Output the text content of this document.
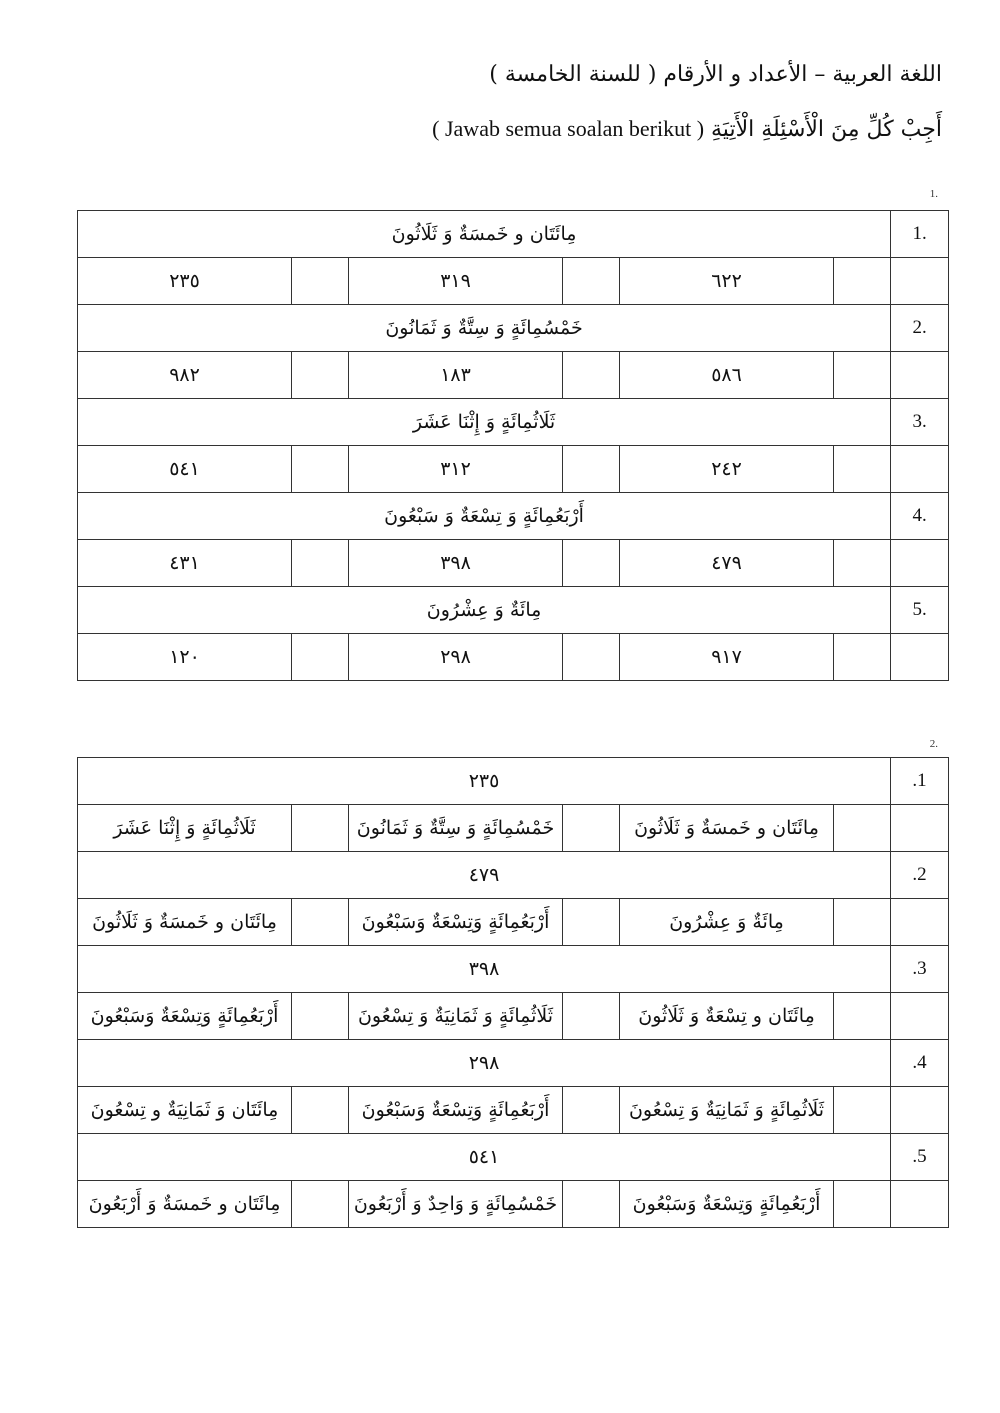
اللغة العربية – الأعداد و الأرقام ( للسنة الخامسة )
أَجِبْ كُلِّ مِنَ الْأَسْئِلَةِ الْأَتِيَةِ ( Jawab semua soalan berikut )
1.
مِائَتَان و خَمسَةٌ وَ ثَلَاثُونَ						1.
٢٣٥		٣١٩		٦٢٢		
خَمْسُمِائَةٍ وَ سِتَّةٌ وَ ثَمَانُونَ						2.
٩٨٢		١٨٣		٥٨٦		
ثَلَاثُمِائَةٍ وَ إِثْنَا عَشَرَ						3.
٥٤١		٣١٢		٢٤٢		
أَرْبَعُمِائَةٍ وَ تِسْعَةٌ وَ سَبْعُونَ						4.
٤٣١		٣٩٨		٤٧٩		
مِائَةٌ وَ عِشْرُونَ						5.
١٢٠		٢٩٨		٩١٧		
2.
٢٣٥						.1
ثَلَاثُمِائَةٍ وَ إِثْنَا عَشَرَ		خَمْسُمِائَةٍ وَ سِتَّةٌ وَ ثَمَانُونَ		مِائَتَان و خَمسَةٌ وَ ثَلَاثُونَ		
٤٧٩						.2
مِائَتَان و خَمسَةٌ وَ ثَلَاثُونَ		أَرْبَعُمِائَةٍ وَتِسْعَةٌ وَسَبْعُونَ		مِائَةٌ وَ عِشْرُونَ		
٣٩٨						.3
أَرْبَعُمِائَةٍ وَتِسْعَةٌ وَسَبْعُونَ		ثَلَاثُمِائَةٍ وَ ثَمَانِيَةٌ وَ تِسْعُونَ		مِائَتَان و تِسْعَةٌ وَ ثَلَاثُونَ		
٢٩٨						.4
مِائَتَان وَ ثَمَانِيَةٌ و تِسْعُونَ		أَرْبَعُمِائَةٍ وَتِسْعَةٌ وَسَبْعُونَ		ثَلَاثُمِائَةٍ وَ ثَمَانِيَةٌ وَ تِسْعُونَ		
٥٤١						.5
مِائَتَان و خَمسَةٌ وَ أَرْبَعُونَ		خَمْسُمِائَةٍ وَ وَاحِدٌ وَ أَرْبَعُونَ		أَرْبَعُمِائَةٍ وَتِسْعَةٌ وَسَبْعُونَ		
